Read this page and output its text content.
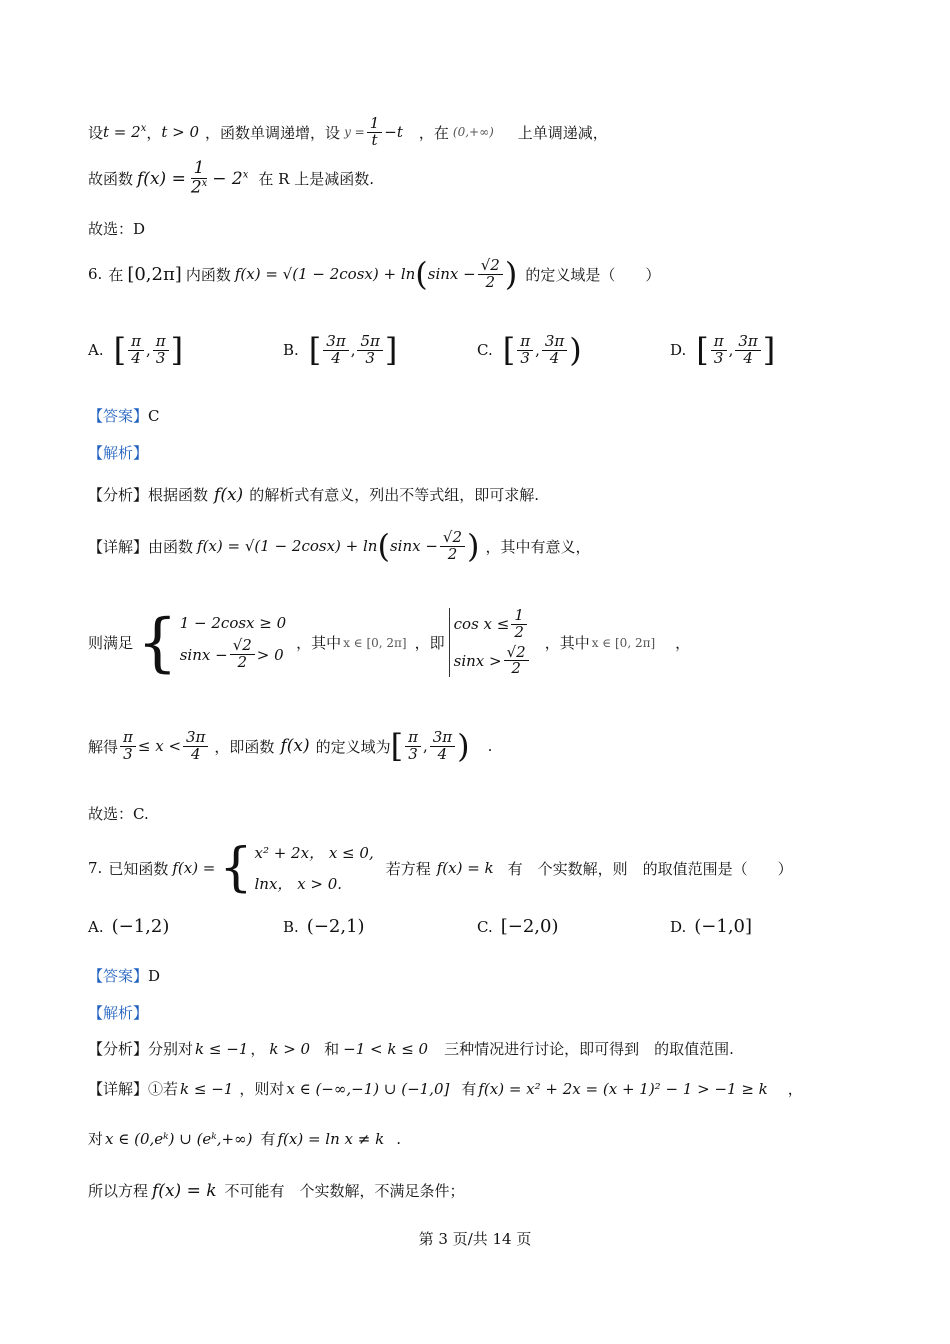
设 $t = 2^x$ ， t > 0 ，函数单调递增，设 $y = \frac{1}{t} -t$ ，在 (0,+∞) 上单调递减，
故函数 $f(x) = \frac{1}{2^x} - 2^x$ 在 R 上是减函数.
故选：D
6. 在 [0,2π] 内函数 f(x) = √(1 − 2cosx) + ln ( $\sin x - \frac{√2}{2}$ ) 的定义域是（　　）
A. [ $\frac{\pi}{4}$ , $\frac{\pi}{3}$ ]	B. [ $\frac{3\pi}{4}$ , $\frac{5\pi}{3}$ ]	C. [ $\frac{\pi}{3}$ , $\frac{3\pi}{4}$ )	D. [ $\frac{\pi}{3}$ , $\frac{3\pi}{4}$ ]
【答案】 C
【解析】
【分析】 根据函数 f(x) 的解析式有意义，列出不等式组，即可求解.
【详解】 由函数 f(x) = √(1 − 2cosx) + ln ( $\sin x - \frac{√2}{2}$ ) ，其中有意义，
则满足 { 1 − 2cosx ≥ 0
$\sin x - \frac{√2}{2} > 0$
，其中 x ∈ [0, 2π] ，即
$\cos x \le \frac{1}{2}$
$\sin x > \frac{√2}{2}$
，其中 x ∈ [0, 2π] ，
解得 $\frac{\pi}{3} \le x < \frac{3\pi}{4}$ ，即函数 f(x) 的定义域为 [ $\frac{\pi}{3}$ , $\frac{3\pi}{4}$ ) .
故选：C.
7. 已知函数 f(x) = { x² + 2x， x ≤ 0,
lnx， x > 0.
若方程 f(x) = k 有　个实数解，则　的取值范围是（　　）
A. (−1,2)	B. (−2,1)	C. [−2,0)	D. (−1,0]
【答案】 D
【解析】
【分析】 分别对 k ≤ −1 ， k > 0 和 −1 < k ≤ 0 三种情况进行讨论，即可得到　的取值范围.
【详解】 ①若 k ≤ −1 ，则对 x ∈ (−∞,−1) ∪ (−1,0] 有 f(x) = x² + 2x = (x + 1)² − 1 > −1 ≥ k ，
对 x ∈ (0,eᵏ) ∪ (eᵏ,+∞) 有 f(x) = ln x ≠ k .
所以方程 f(x) = k 不可能有　个实数解，不满足条件；
第 3 页/共 14 页
